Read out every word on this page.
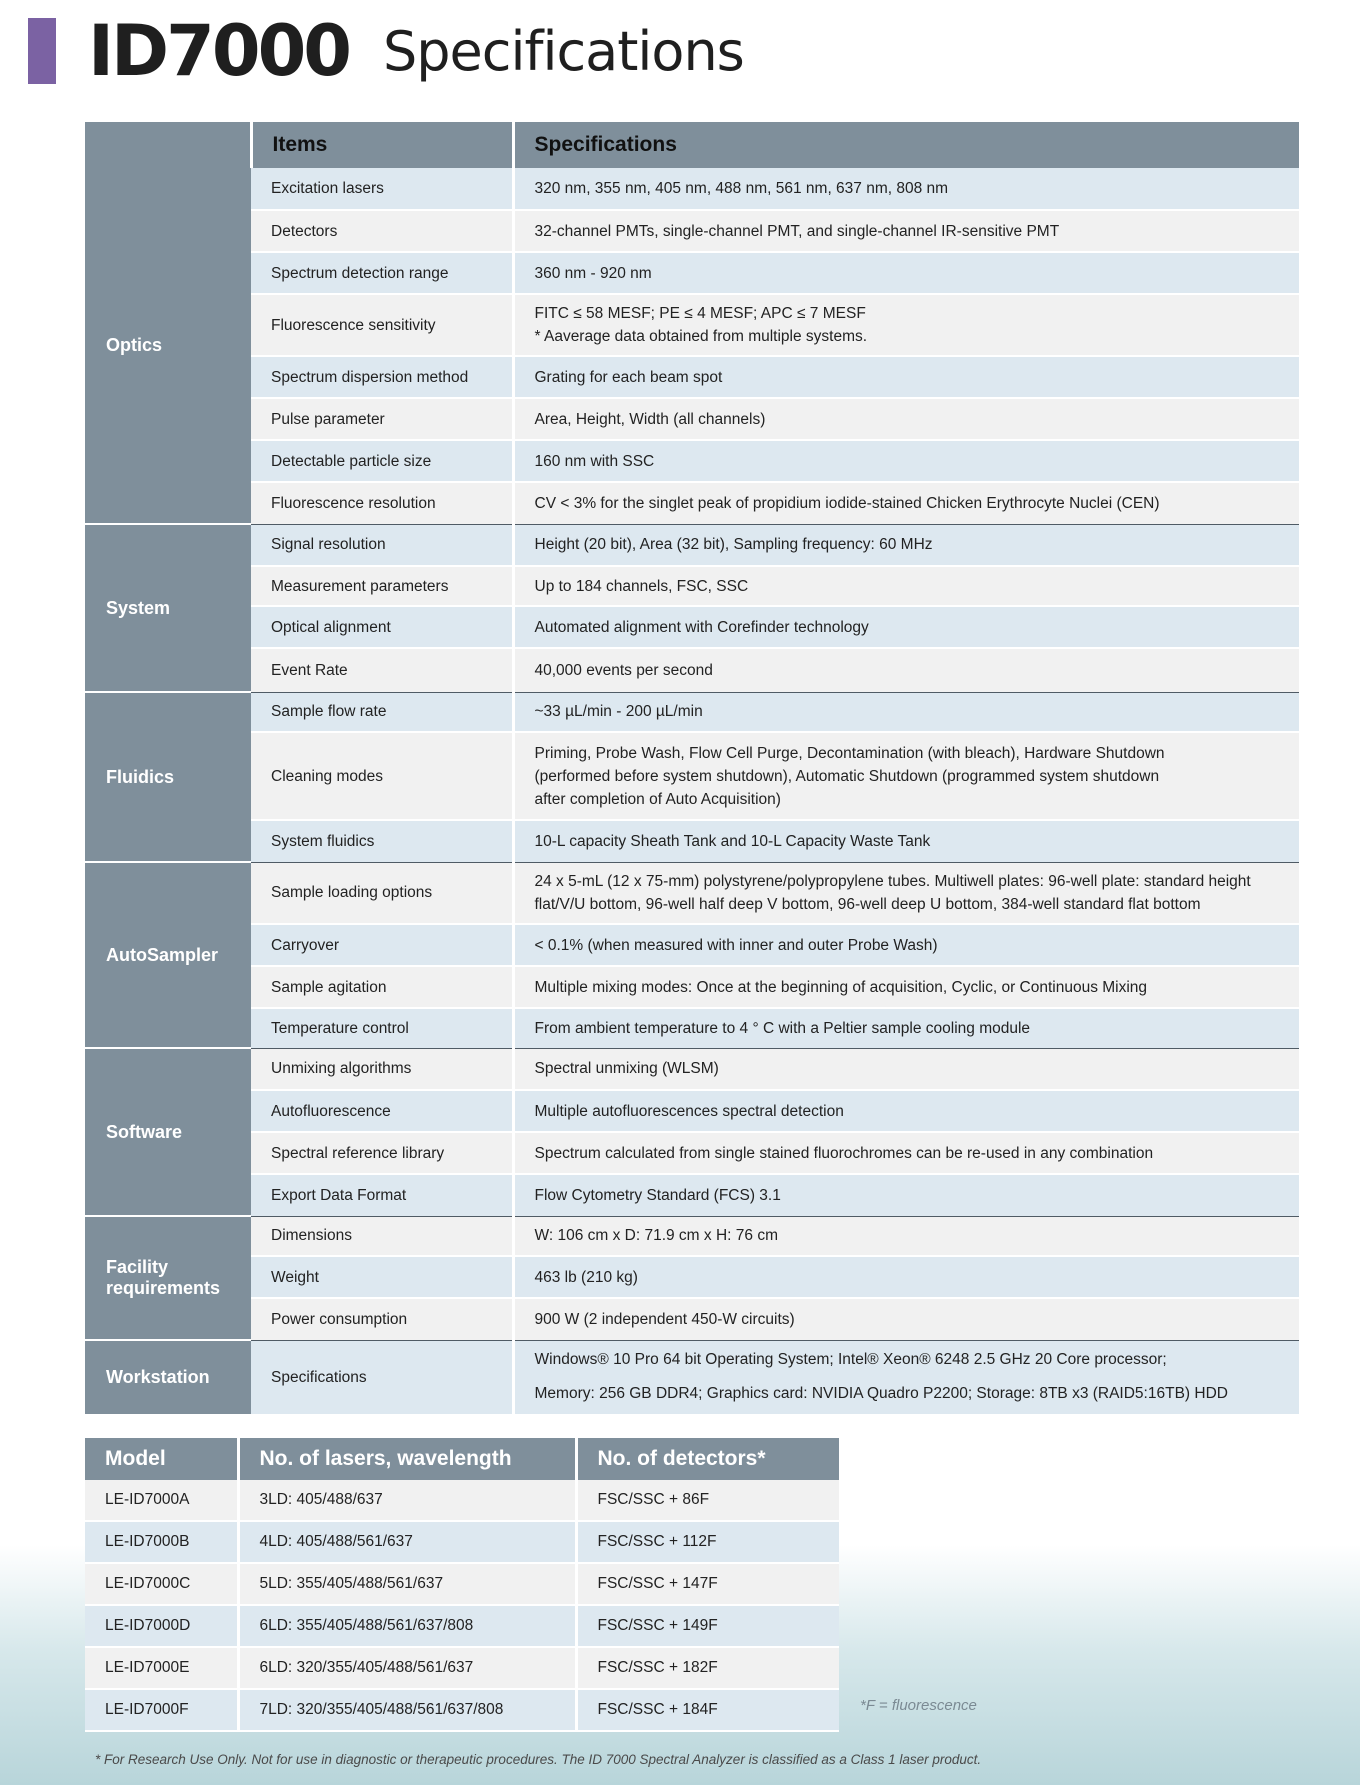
ID7000 Specifications
	Items	Specifications
Optics	Excitation lasers	320 nm, 355 nm, 405 nm, 488 nm, 561 nm, 637 nm, 808 nm

	Detectors	32-channel PMTs, single-channel PMT, and single-channel IR-sensitive PMT

	Spectrum detection range	360 nm - 920 nm

	Fluorescence sensitivity	FITC ≤ 58 MESF; PE ≤ 4 MESF; APC ≤ 7 MESF
* Aaverage data obtained from multiple systems.

	Spectrum dispersion method	Grating for each beam spot

	Pulse parameter	Area, Height, Width (all channels)

	Detectable particle size	160 nm with SSC

	Fluorescence resolution	CV < 3% for the singlet peak of propidium iodide-stained Chicken Erythrocyte Nuclei (CEN)

System	Signal resolution	Height (20 bit), Area (32 bit), Sampling frequency: 60 MHz

	Measurement parameters	Up to 184 channels, FSC, SSC

	Optical alignment	Automated alignment with Corefinder technology

	Event Rate	40,000 events per second

Fluidics	Sample flow rate	~33 µL/min - 200 µL/min

	Cleaning modes	Priming, Probe Wash, Flow Cell Purge, Decontamination (with bleach), Hardware Shutdown
(performed before system shutdown), Automatic Shutdown (programmed system shutdown
after completion of Auto Acquisition)

	System fluidics	10-L capacity Sheath Tank and 10-L Capacity Waste Tank

AutoSampler	Sample loading options	24 x 5-mL (12 x 75-mm) polystyrene/polypropylene tubes. Multiwell plates: 96-well plate: standard height
flat/V/U bottom, 96-well half deep V bottom, 96-well deep U bottom, 384-well standard flat bottom

	Carryover	< 0.1% (when measured with inner and outer Probe Wash)

	Sample agitation	Multiple mixing modes: Once at the beginning of acquisition, Cyclic, or Continuous Mixing

	Temperature control	From ambient temperature to 4 ° C with a Peltier sample cooling module

Software	Unmixing algorithms	Spectral unmixing (WLSM)

	Autofluorescence	Multiple autofluorescences spectral detection

	Spectral reference library	Spectrum calculated from single stained fluorochromes can be re-used in any combination

	Export Data Format	Flow Cytometry Standard (FCS) 3.1

Facility requirements	Dimensions	W: 106 cm x D: 71.9 cm x H: 76 cm

	Weight	463 lb (210 kg)

	Power consumption	900 W (2 independent 450-W circuits)

Workstation	Specifications	Windows® 10 Pro 64 bit Operating System; Intel® Xeon® 6248 2.5 GHz 20 Core processor;
Memory: 256 GB DDR4; Graphics card: NVIDIA Quadro P2200; Storage: 8TB x3 (RAID5:16TB) HDD
Model	No. of lasers, wavelength	No. of detectors*
LE-ID7000A	3LD: 405/488/637	FSC/SSC + 86F
LE-ID7000B	4LD: 405/488/561/637	FSC/SSC + 112F
LE-ID7000C	5LD: 355/405/488/561/637	FSC/SSC + 147F
LE-ID7000D	6LD: 355/405/488/561/637/808	FSC/SSC + 149F
LE-ID7000E	6LD: 320/355/405/488/561/637	FSC/SSC + 182F
LE-ID7000F	7LD: 320/355/405/488/561/637/808	FSC/SSC + 184F	*F = fluorescence
* For Research Use Only. Not for use in diagnostic or therapeutic procedures. The ID 7000 Spectral Analyzer is classified as a Class 1 laser product.
